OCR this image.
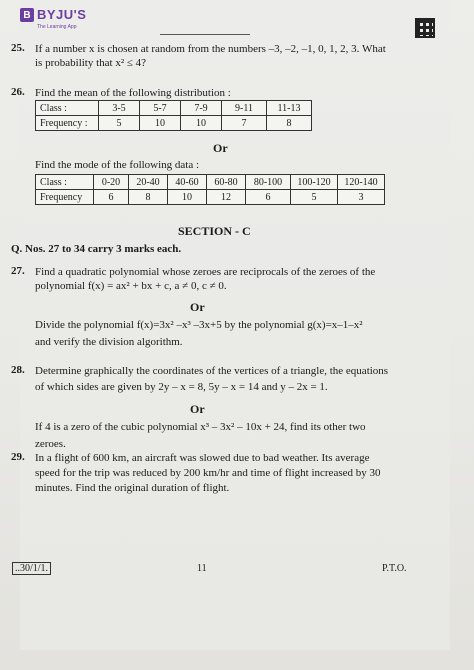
B BYJU'S
The Learning App
25. If a number x is chosen at random from the numbers –3, –2, –1, 0, 1, 2, 3. What
is probability that x² ≤ 4?
26. Find the mean of the following distribution :
Class :	3-5	5-7	7-9	9-11	11-13
Frequency :	5	10	10	7	8
Or
Find the mode of the following data :
Class :	0-20	20-40	40-60	60-80	80-100	100-120	120-140
Frequency	6	8	10	12	6	5	3
SECTION - C
Q. Nos. 27 to 34 carry 3 marks each.
27. Find a quadratic polynomial whose zeroes are reciprocals of the zeroes of the
polynomial f(x) = ax² + bx + c, a ≠ 0, c ≠ 0.
Or
Divide the polynomial f(x)=3x² –x³ –3x+5 by the polynomial g(x)=x–1–x²
and verify the division algorithm.
28. Determine graphically the coordinates of the vertices of a triangle, the equations
of which sides are given by 2y – x = 8, 5y – x = 14 and y – 2x = 1.
Or
If 4 is a zero of the cubic polynomial x³ – 3x² – 10x + 24, find its other two
zeroes.
29. In a flight of 600 km, an aircraft was slowed due to bad weather. Its average
speed for the trip was reduced by 200 km/hr and time of flight increased by 30
minutes. Find the original duration of flight.
..30/1/1.	11	P.T.O.
